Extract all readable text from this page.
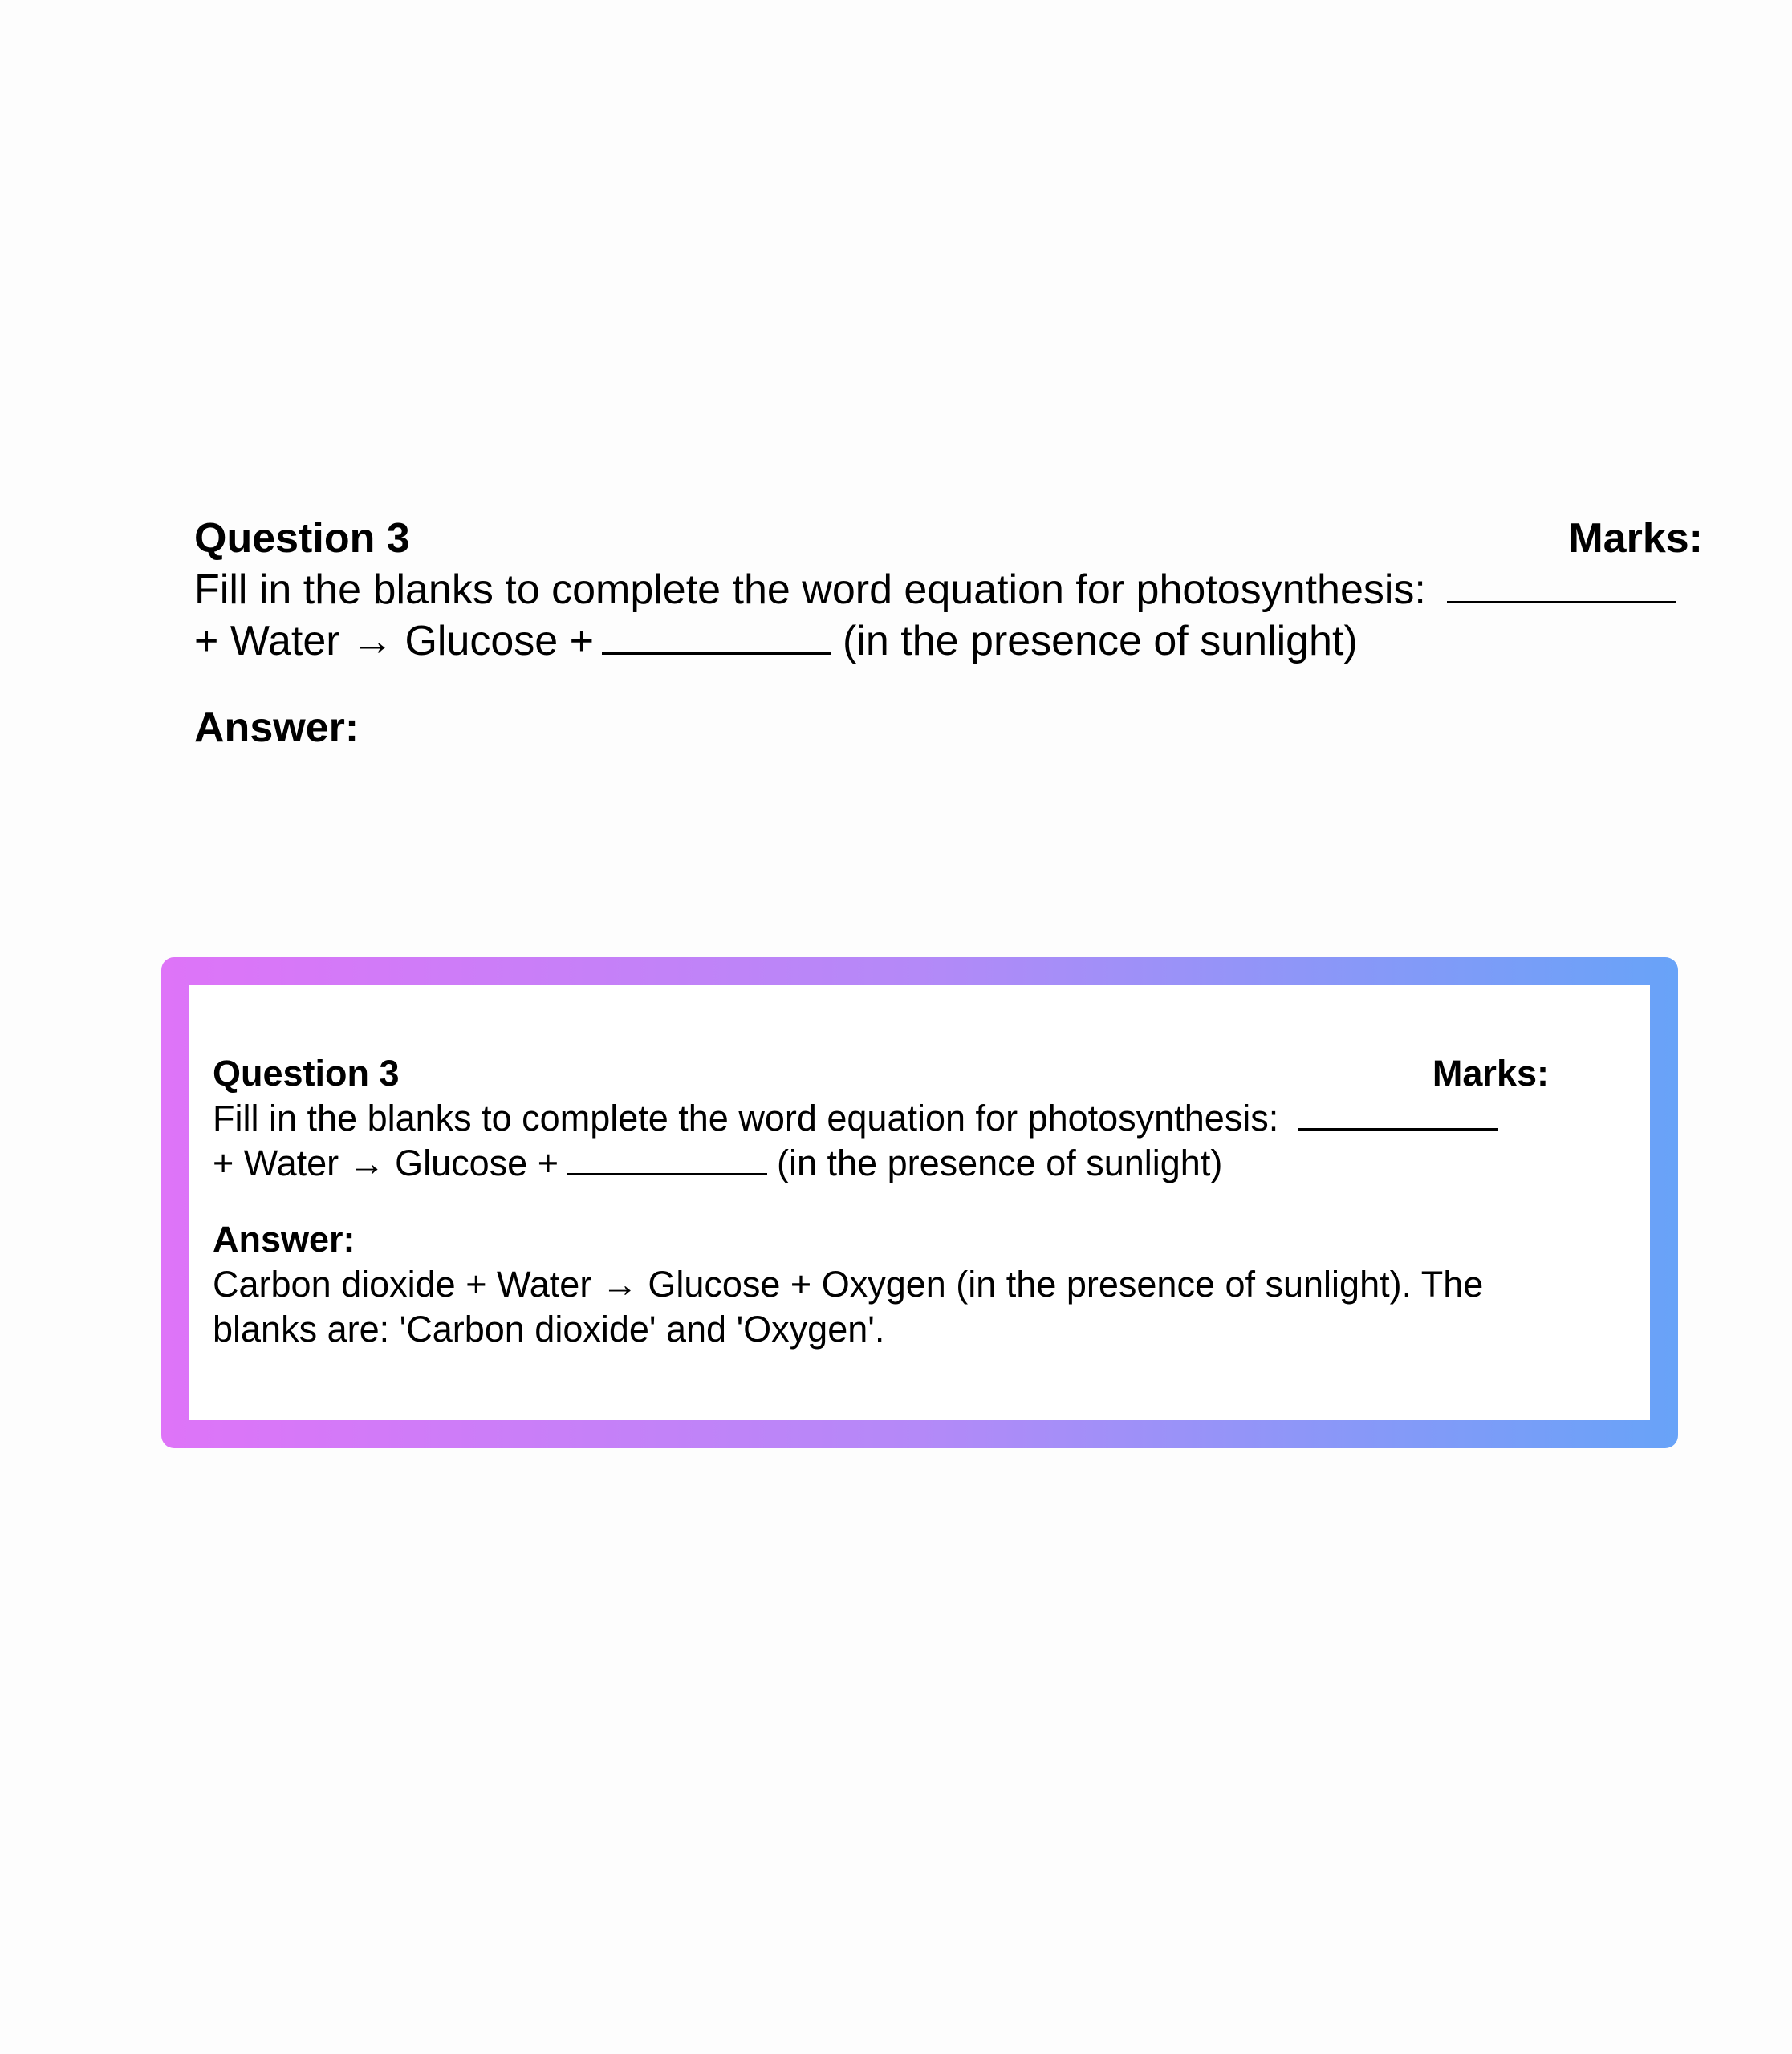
Question 3	Marks:
Fill in the blanks to complete the word equation for photosynthesis:
+ Water → Glucose +	(in the presence of sunlight)
Answer:
Question 3	Marks:
Fill in the blanks to complete the word equation for photosynthesis:
+ Water → Glucose +	(in the presence of sunlight)
Answer:
Carbon dioxide + Water → Glucose + Oxygen (in the presence of sunlight). The blanks are: 'Carbon dioxide' and 'Oxygen'.
